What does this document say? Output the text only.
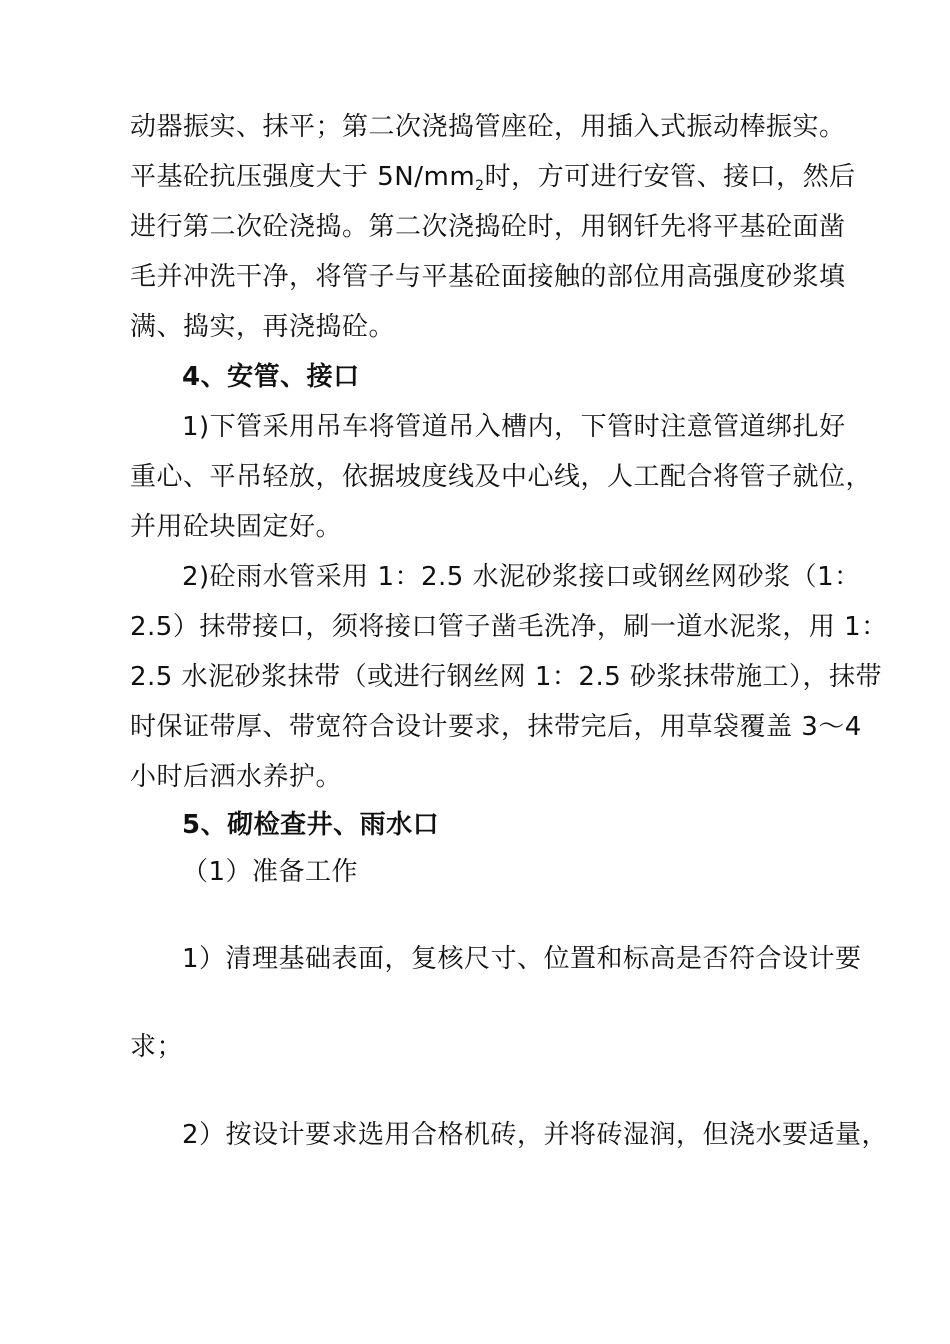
动器振实、抹平；第二次浇捣管座砼，用插入式振动棒振实。
平基砼抗压强度大于 $5N/mm_2$时，方可进行安管、接口，然后
进行第二次砼浇捣。第二次浇捣砼时，用钢钎先将平基砼面凿
毛并冲洗干净，将管子与平基砼面接触的部位用高强度砂浆填
满、捣实，再浇捣砼。
4、安管、接口
1)下管采用吊车将管道吊入槽内，下管时注意管道绑扎好
重心、平吊轻放，依据坡度线及中心线，人工配合将管子就位，
并用砼块固定好。
2)砼雨水管采用 1：2.5 水泥砂浆接口或钢丝网砂浆（1：
2.5）抹带接口，须将接口管子凿毛洗净，刷一道水泥浆，用 1：
2.5 水泥砂浆抹带（或进行钢丝网 1：2.5 砂浆抹带施工），抹带
时保证带厚、带宽符合设计要求，抹带完后，用草袋覆盖 3～4
小时后洒水养护。
5、砌检查井、雨水口
（1）准备工作
1）清理基础表面，复核尺寸、位置和标高是否符合设计要
求；
2）按设计要求选用合格机砖，并将砖湿润，但浇水要适量，
